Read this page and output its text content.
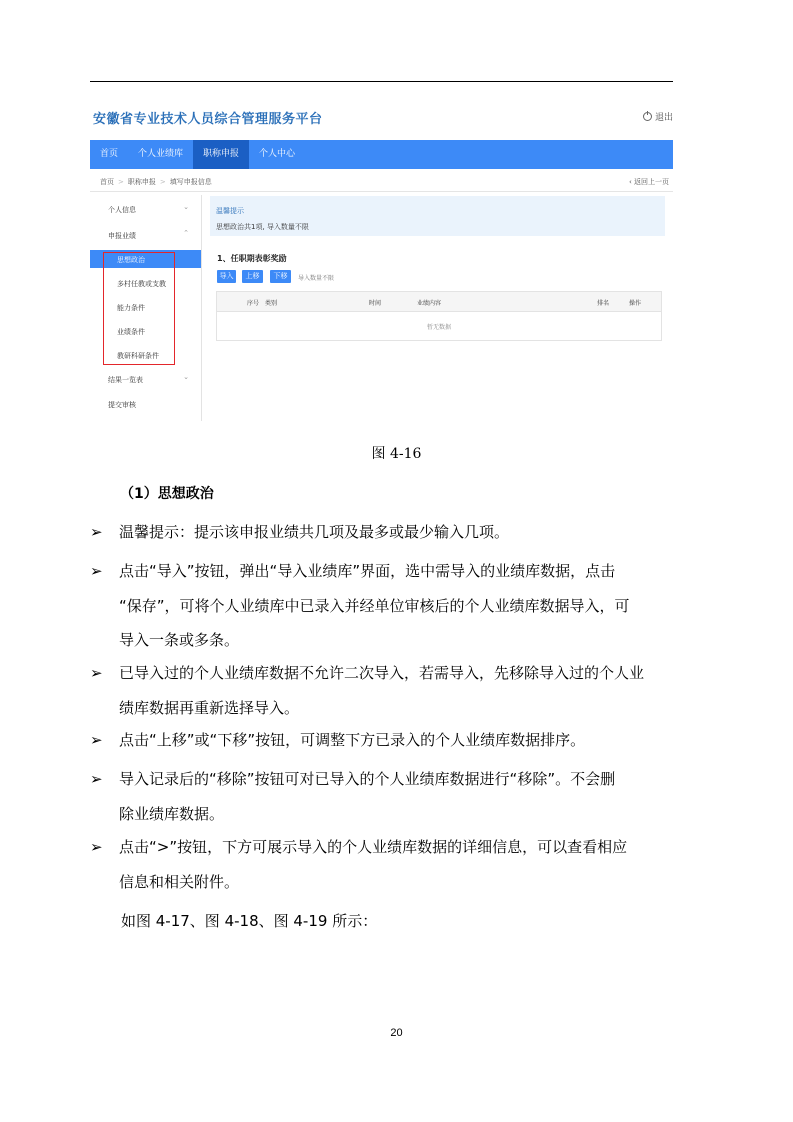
安徽省专业技术人员综合管理服务平台	退出
首页	个人业绩库	职称申报	个人中心
首页 > 职称申报 > 填写申报信息	‹ 返回上一页
个人信息	⌄
申报业绩	⌃
思想政治
多村任教或支教
能力条件
业绩条件
教研科研条件
结果一览表	⌄
提交审核
温馨提示
思想政治共1项, 导入数量不限
1、任职期表彰奖励
导入	上移	下移	导入数量不限
序号 类别	时间	业绩内容	排名	操作
暂无数据
图 4-16
（1）思想政治
➢ 温馨提示：提示该申报业绩共几项及最多或最少输入几项。
➢ 点击“导入”按钮，弹出“导入业绩库”界面，选中需导入的业绩库数据，点击
“保存”，可将个人业绩库中已录入并经单位审核后的个人业绩库数据导入，可
导入一条或多条。
➢ 已导入过的个人业绩库数据不允许二次导入，若需导入，先移除导入过的个人业
绩库数据再重新选择导入。
➢ 点击“上移”或“下移”按钮，可调整下方已录入的个人业绩库数据排序。
➢ 导入记录后的“移除”按钮可对已导入的个人业绩库数据进行“移除”。不会删
除业绩库数据。
➢ 点击“>”按钮，下方可展示导入的个人业绩库数据的详细信息，可以查看相应
信息和相关附件。
如图 4-17、图 4-18、图 4-19 所示：
20
